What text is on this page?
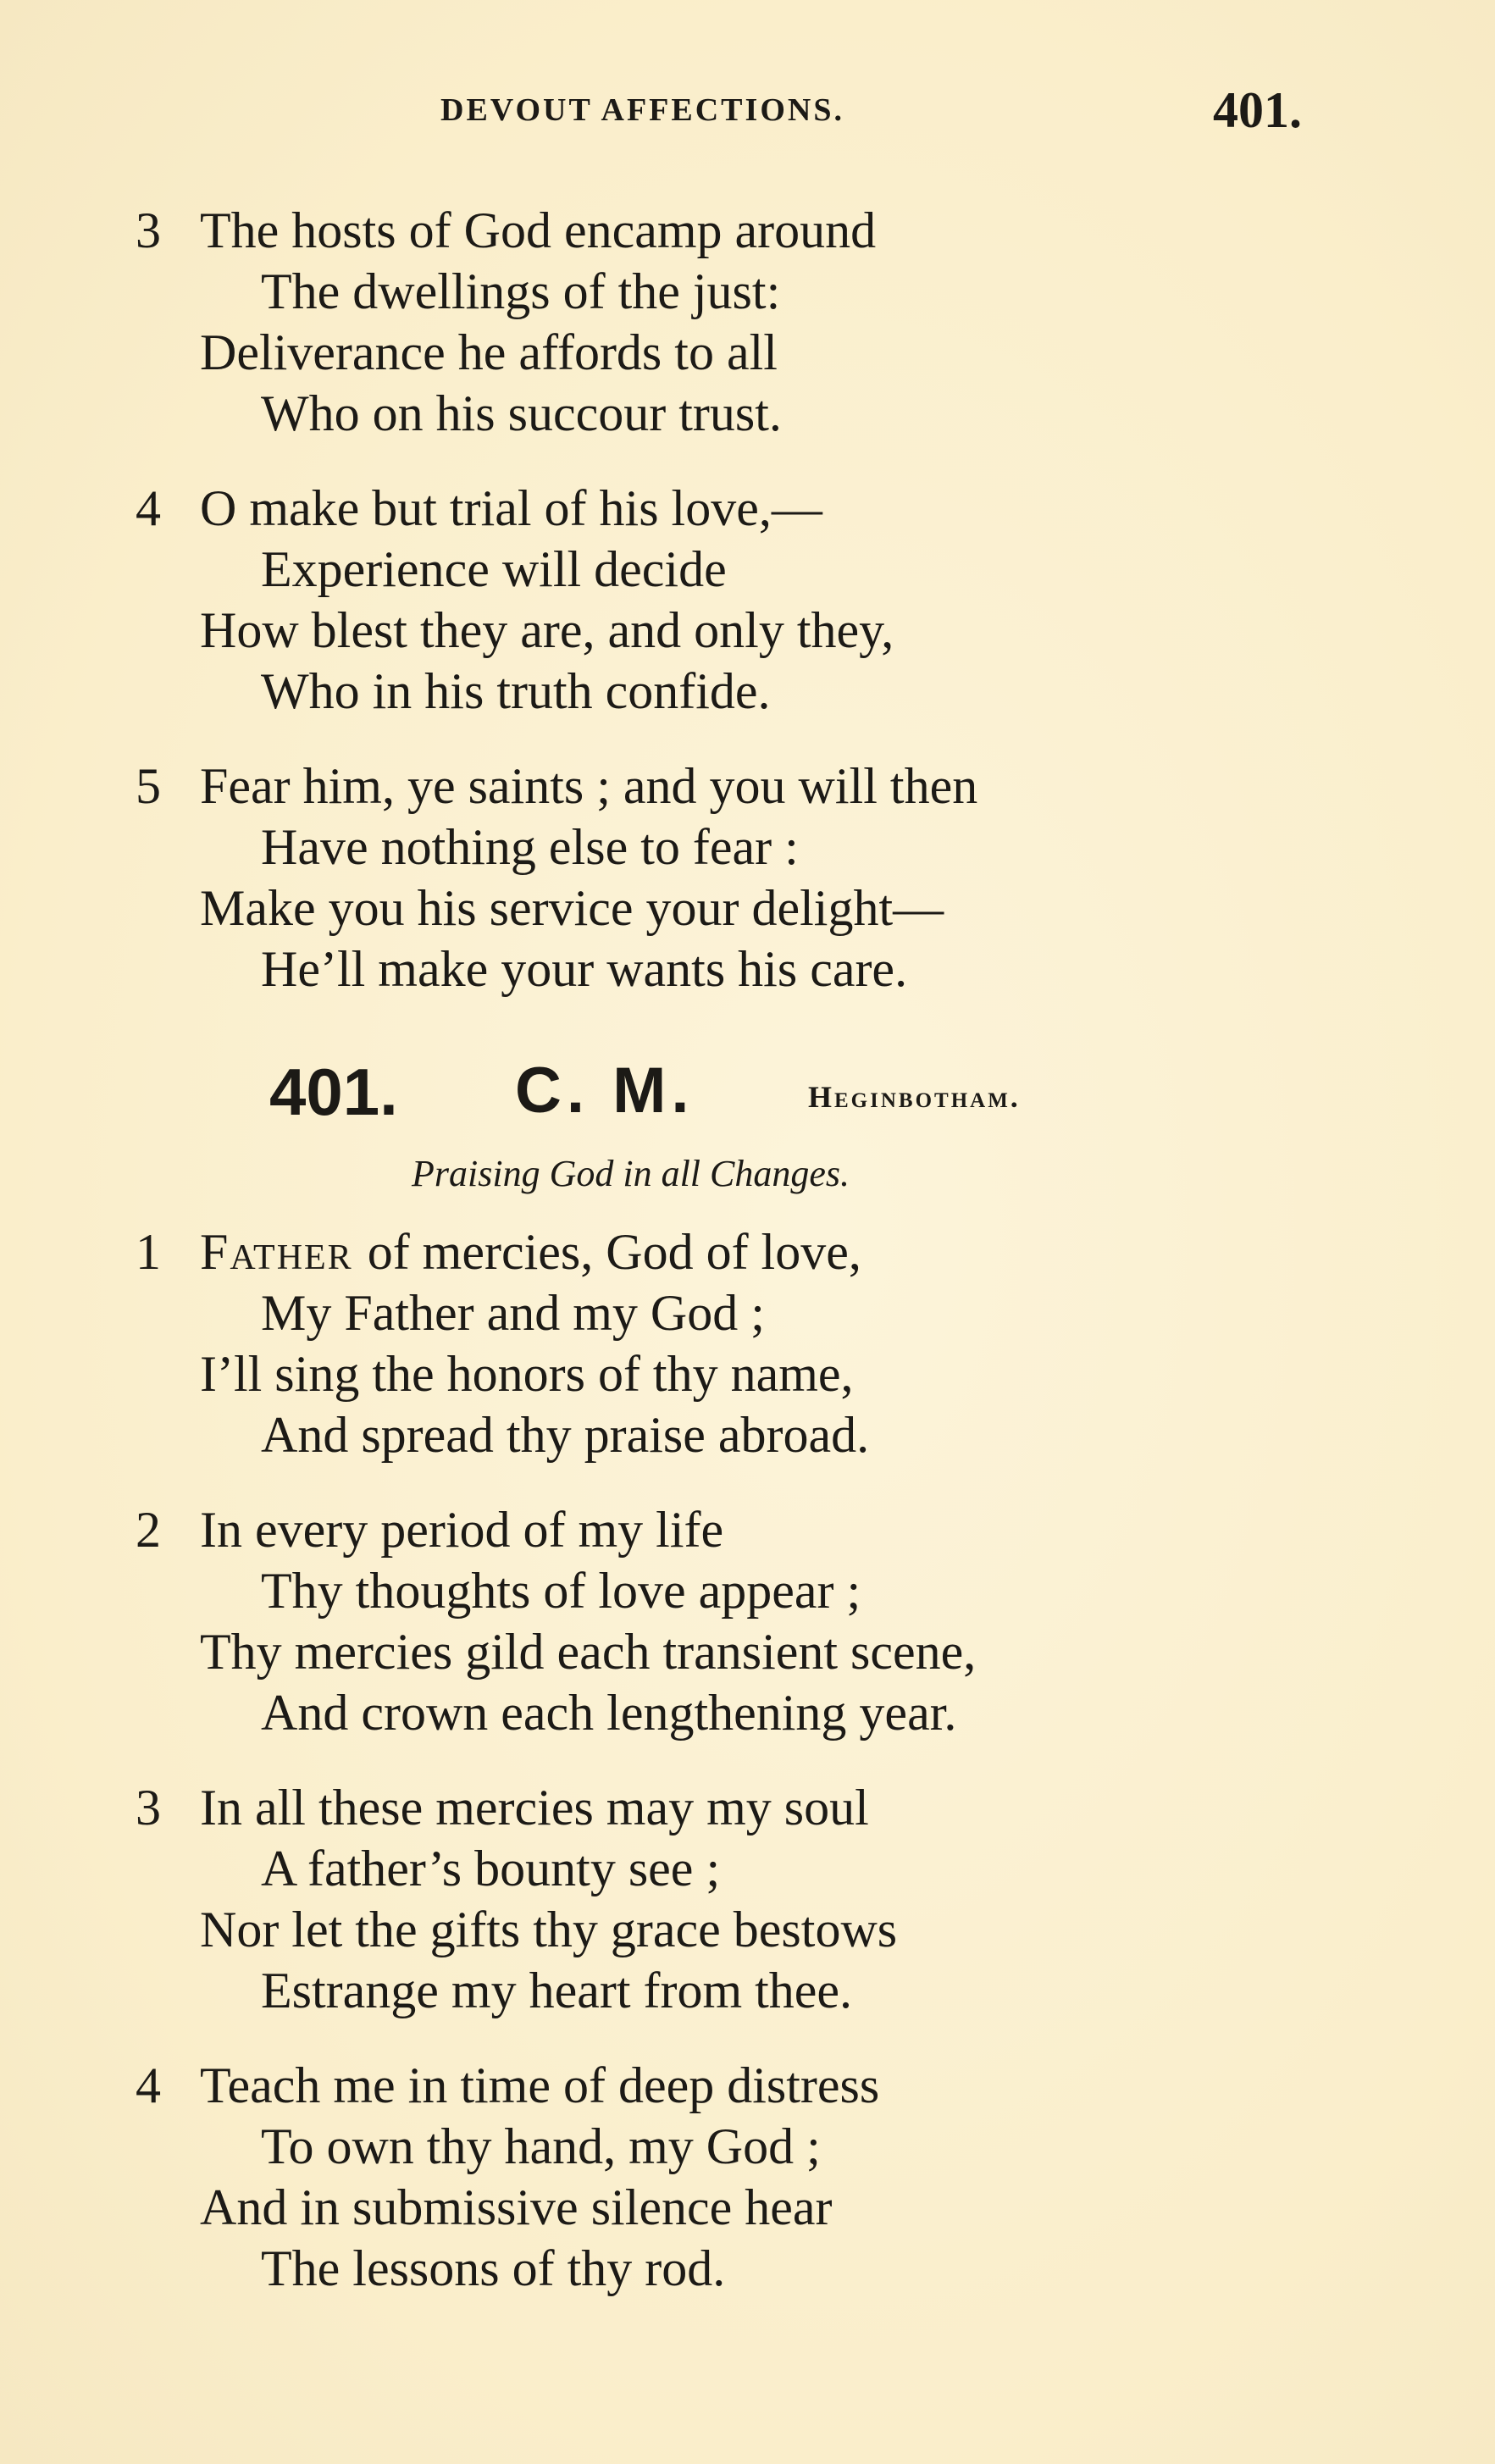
DEVOUT AFFECTIONS.	401.
3 The hosts of God encamp around
The dwellings of the just:
Deliverance he affords to all
Who on his succour trust.
4 O make but trial of his love,—
Experience will decide
How blest they are, and only they,
Who in his truth confide.
5 Fear him, ye saints ; and you will then
Have nothing else to fear :
Make you his service your delight—
He’ll make your wants his care.
401. C. M.	Heginbotham.
Praising God in all Changes.
1 Father of mercies, God of love,
My Father and my God ;
I’ll sing the honors of thy name,
And spread thy praise abroad.
2 In every period of my life
Thy thoughts of love appear ;
Thy mercies gild each transient scene,
And crown each lengthening year.
3 In all these mercies may my soul
A father’s bounty see ;
Nor let the gifts thy grace bestows
Estrange my heart from thee.
4 Teach me in time of deep distress
To own thy hand, my God ;
And in submissive silence hear
The lessons of thy rod.
